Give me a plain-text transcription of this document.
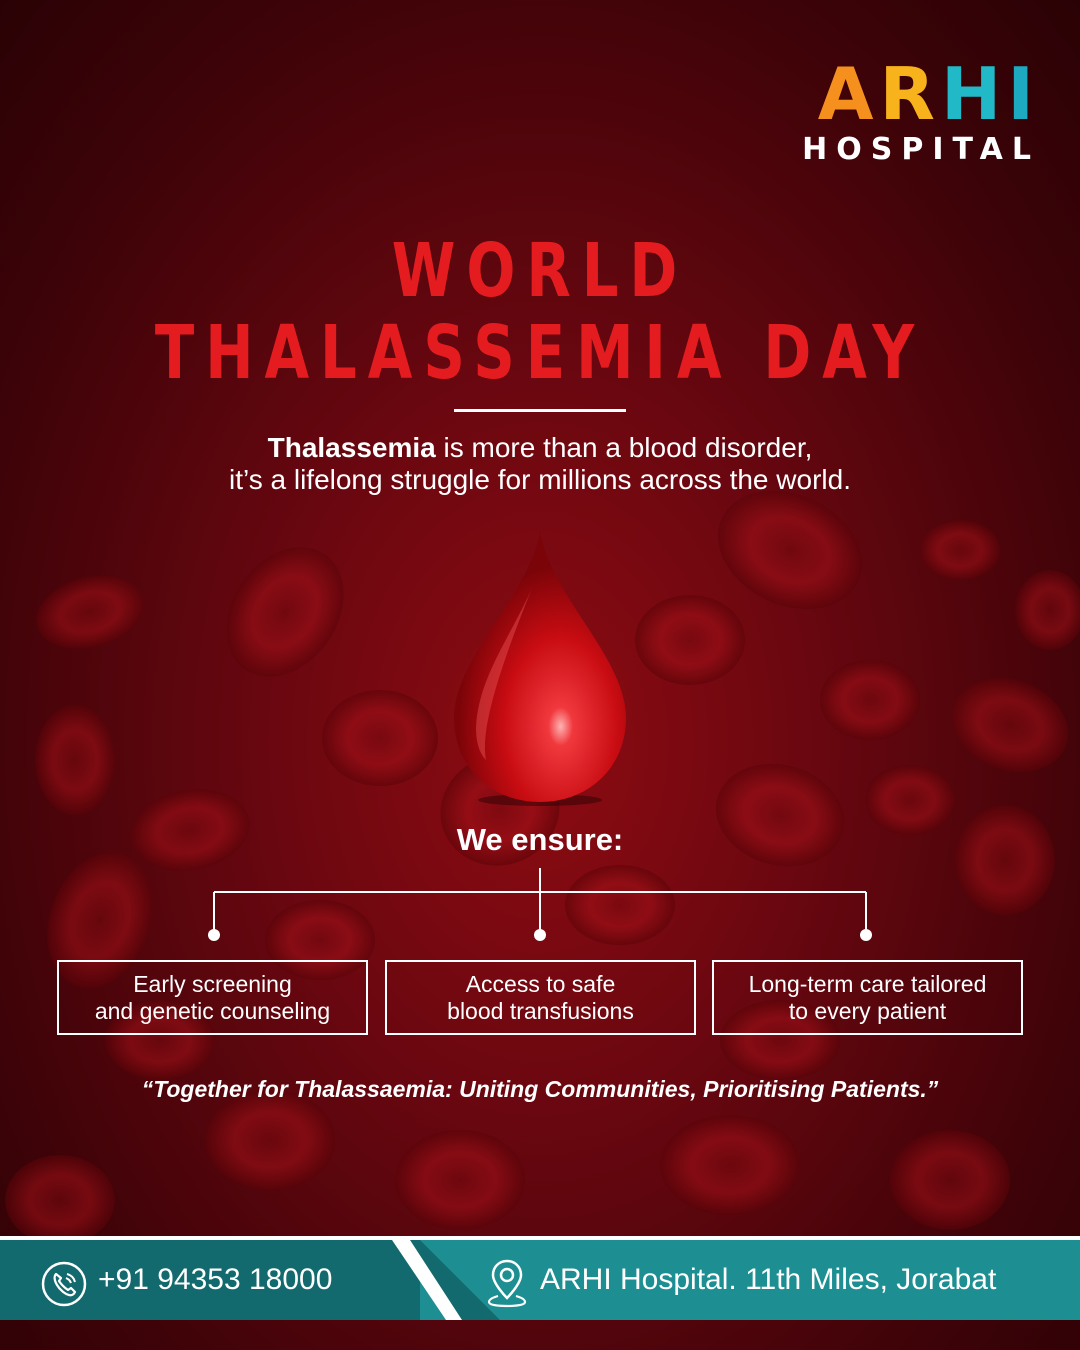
ARHI
HOSPITAL
WORLD
THALASSEMIA DAY
Thalassemia is more than a blood disorder,
it’s a lifelong struggle for millions across the world.
We ensure:
Early screening
and genetic counseling
Access to safe
blood transfusions
Long-term care tailored
to every patient
“Together for Thalassaemia: Uniting Communities, Prioritising Patients.”
+91 94353 18000	ARHI Hospital. 11th Miles, Jorabat
